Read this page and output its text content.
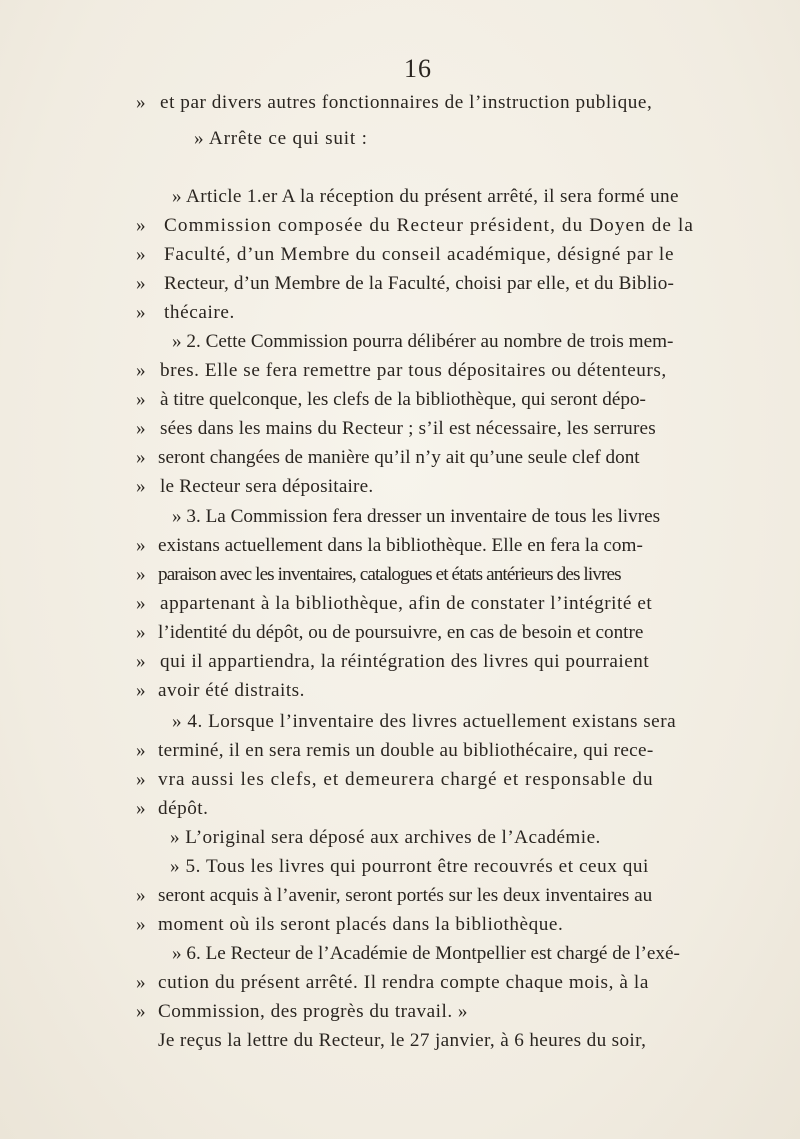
16
» et par divers autres fonctionnaires de l’instruction publique,
» Arrête ce qui suit :
» Article 1.er A la réception du présent arrêté, il sera formé une
» Commission composée du Recteur président, du Doyen de la
» Faculté, d’un Membre du conseil académique, désigné par le
» Recteur, d’un Membre de la Faculté, choisi par elle, et du Biblio-
» thécaire.
» 2. Cette Commission pourra délibérer au nombre de trois mem-
» bres. Elle se fera remettre par tous dépositaires ou détenteurs,
» à titre quelconque, les clefs de la bibliothèque, qui seront dépo-
» sées dans les mains du Recteur ; s’il est nécessaire, les serrures
» seront changées de manière qu’il n’y ait qu’une seule clef dont
» le Recteur sera dépositaire.
» 3. La Commission fera dresser un inventaire de tous les livres
» existans actuellement dans la bibliothèque. Elle en fera la com-
» paraison avec les inventaires, catalogues et états antérieurs des livres
» appartenant à la bibliothèque, afin de constater l’intégrité et
» l’identité du dépôt, ou de poursuivre, en cas de besoin et contre
» qui il appartiendra, la réintégration des livres qui pourraient
» avoir été distraits.
» 4. Lorsque l’inventaire des livres actuellement existans sera
» terminé, il en sera remis un double au bibliothécaire, qui rece-
» vra aussi les clefs, et demeurera chargé et responsable du
» dépôt.
» L’original sera déposé aux archives de l’Académie.
» 5. Tous les livres qui pourront être recouvrés et ceux qui
» seront acquis à l’avenir, seront portés sur les deux inventaires au
» moment où ils seront placés dans la bibliothèque.
» 6. Le Recteur de l’Académie de Montpellier est chargé de l’exé-
» cution du présent arrêté. Il rendra compte chaque mois, à la
» Commission, des progrès du travail. »
Je reçus la lettre du Recteur, le 27 janvier, à 6 heures du soir,
